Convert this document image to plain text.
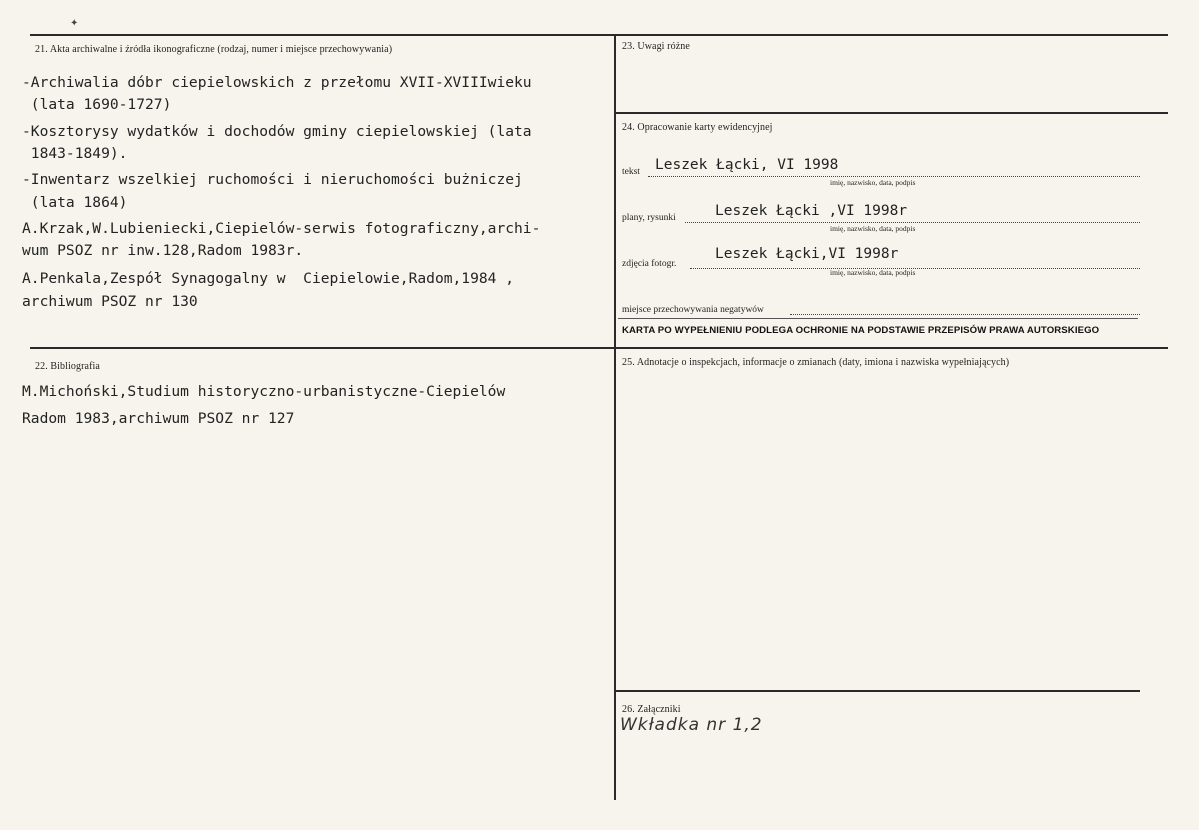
✦
21. Akta archiwalne i źródła ikonograficzne (rodzaj, numer i miejsce przechowywania)
-Archiwalia dóbr ciepielowskich z przełomu XVII-XVIIIwieku
(lata 1690-1727)
-Kosztorysy wydatków i dochodów gminy ciepielowskiej (lata
1843-1849).
-Inwentarz wszelkiej ruchomości i nieruchomości bużniczej
(lata 1864)
A.Krzak,W.Lubieniecki,Ciepielów-serwis fotograficzny,archi-
wum PSOZ nr inw.128,Radom 1983r.
A.Penkala,Zespół Synagogalny w  Ciepielowie,Radom,1984 ,
archiwum PSOZ nr 130
22. Bibliografia
M.Michoński,Studium historyczno-urbanistyczne-Ciepielów
Radom 1983,archiwum PSOZ nr 127
23. Uwagi różne
24. Opracowanie karty ewidencyjnej
tekst Leszek Łącki, VI 1998
imię, nazwisko, data, podpis
plany, rysunki	Leszek Łącki ,VI 1998r
imię, nazwisko, data, podpis
zdjęcia fotogr.
Leszek Łącki,VI 1998r
imię, nazwisko, data, podpis
miejsce przechowywania negatywów
KARTA PO WYPEŁNIENIU PODLEGA OCHRONIE NA PODSTAWIE PRZEPISÓW PRAWA AUTORSKIEGO
25. Adnotacje o inspekcjach, informacje o zmianach (daty, imiona i nazwiska wypełniających)
26. Załączniki
Wkładka nr 1,2
